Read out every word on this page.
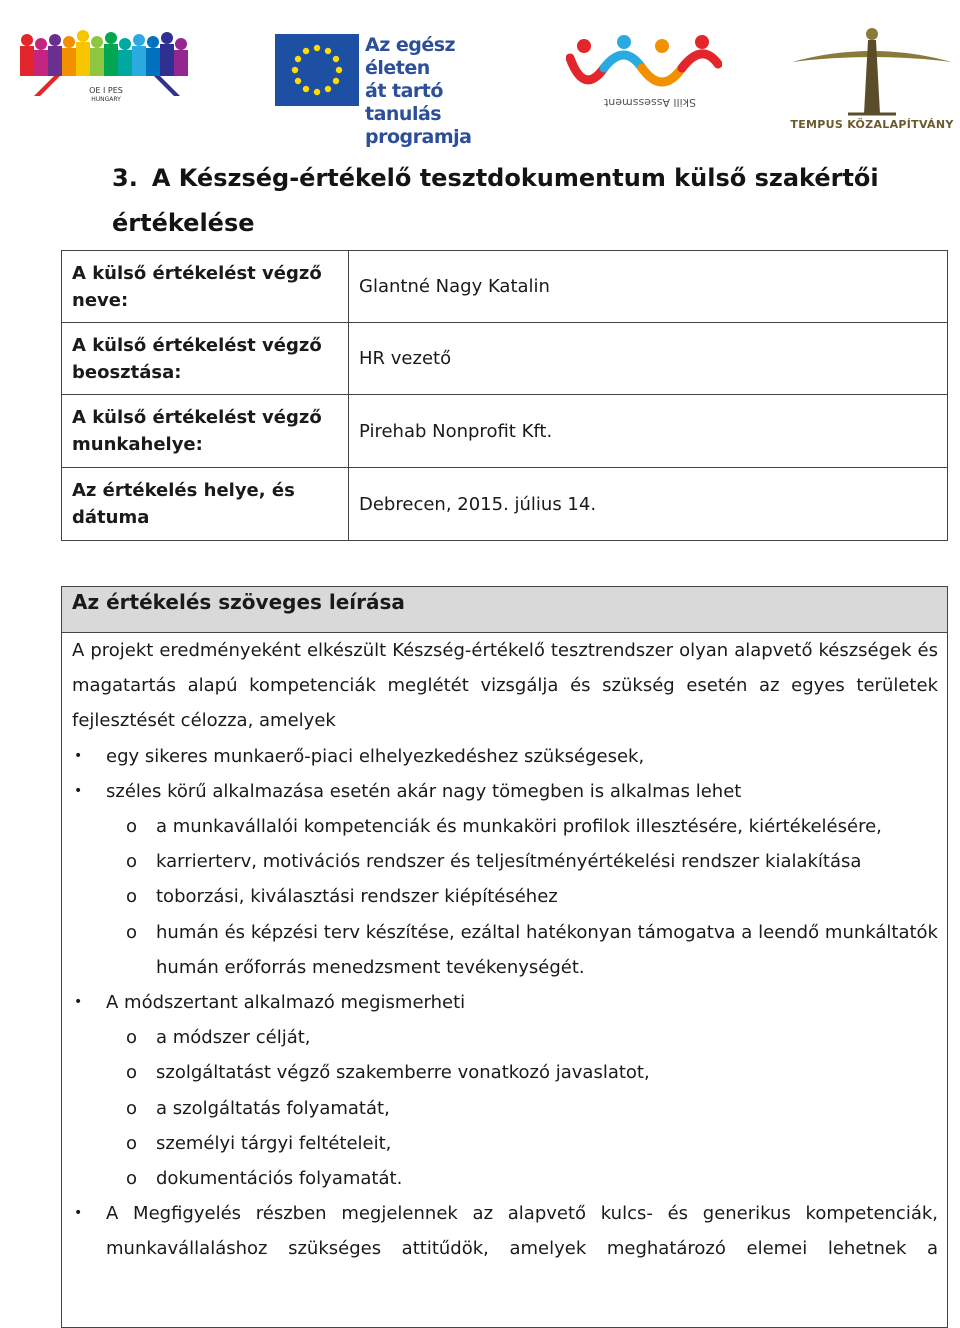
OE I PES
HUNGARY
Az egész életen
át tartó tanulás
programja
Skill Assessment
TEMPUS KÖZALAPÍTVÁNY
3. A Készség-értékelő tesztdokumentum külső szakértői értékelése
A külső értékelést végző neve:	Glantné Nagy Katalin
A külső értékelést végző beosztása:	HR vezető
A külső értékelést végző munkahelye:	Pirehab Nonprofit Kft.
Az értékelés helye, és dátuma	Debrecen, 2015. július 14.
Az értékelés szöveges leírása

A projekt eredményeként elkészült Készség-értékelő tesztrendszer olyan alapvető készségek és magatartás alapú kompetenciák meglétét vizsgálja és szükség esetén az egyes területek fejlesztését célozza, amelyek

• egy sikeres munkaerő-piaci elhelyezkedéshez szükségesek,
• széles körű alkalmazása esetén akár nagy tömegben is alkalmas lehet
o a munkavállalói kompetenciák és munkaköri profilok illesztésére, kiértékelésére,
o karrierterv, motivációs rendszer és teljesítményértékelési rendszer kialakítása
o toborzási, kiválasztási rendszer kiépítéséhez
o humán és képzési terv készítése, ezáltal hatékonyan támogatva a leendő munkáltatók humán erőforrás menedzsment tevékenységét.
• A módszertant alkalmazó megismerheti
o a módszer célját,
o szolgáltatást végző szakemberre vonatkozó javaslatot,
o a szolgáltatás folyamatát,
o személyi tárgyi feltételeit,
o dokumentációs folyamatát.
• A Megfigyelés részben megjelennek az alapvető kulcs- és generikus kompetenciák, munkavállaláshoz szükséges attitűdök, amelyek meghatározó elemei lehetnek a
